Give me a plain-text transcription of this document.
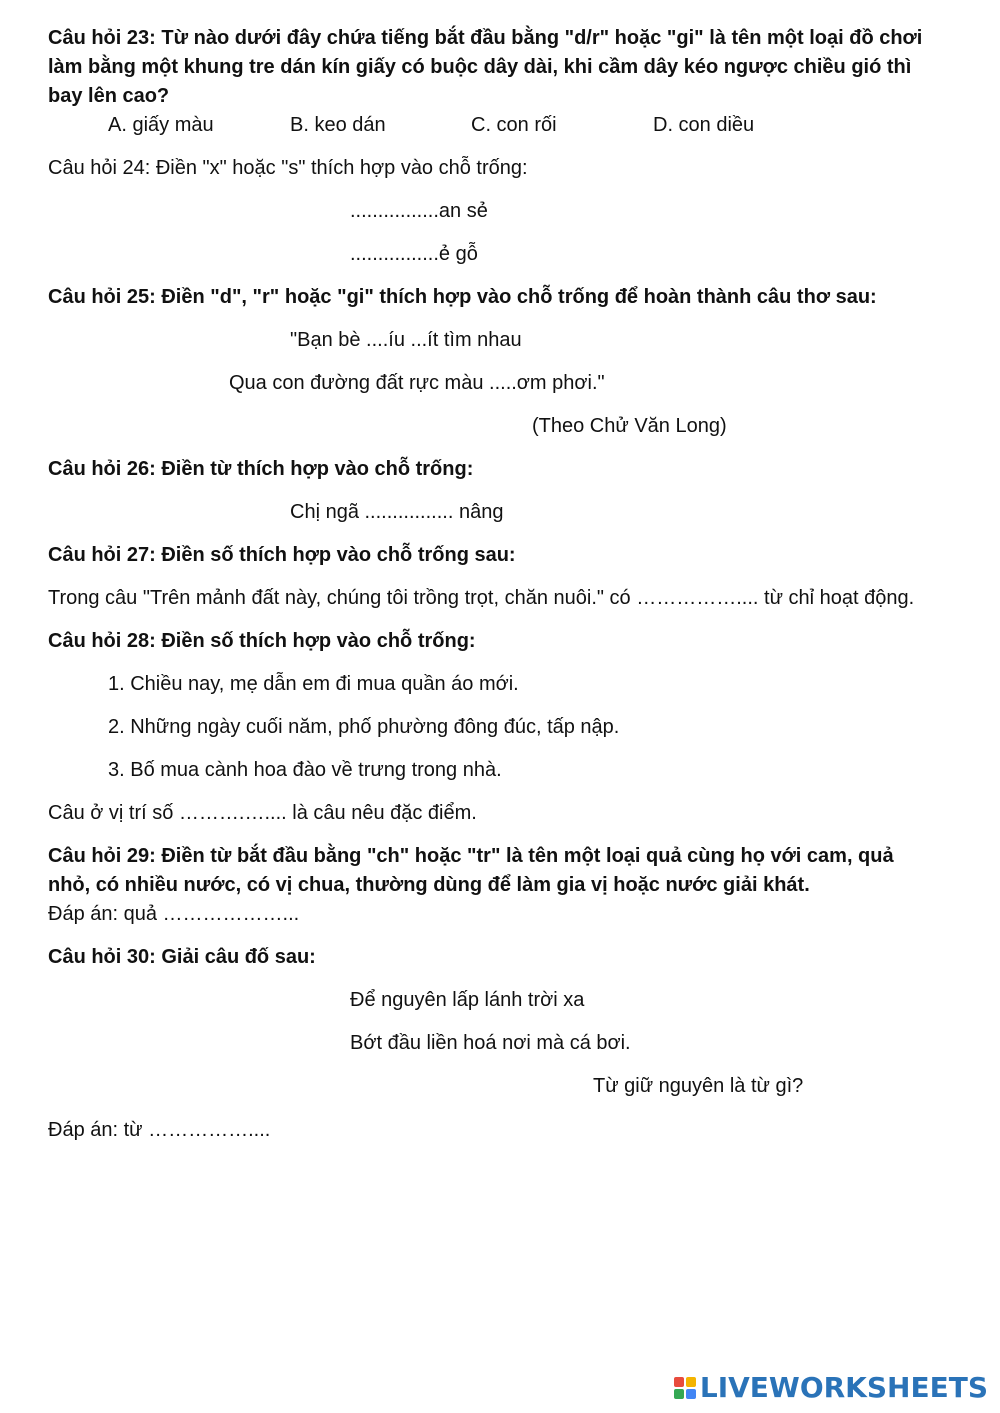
Câu hỏi 23: Từ nào dưới đây chứa tiếng bắt đầu bằng "d/r" hoặc "gi" là tên một loại đồ chơi

làm bằng một khung tre dán kín giấy có buộc dây dài, khi cầm dây kéo ngược chiều gió thì

bay lên cao?

A. giấy màu	B. keo dán	C. con rối	D. con diều

Câu hỏi 24: Điền "x" hoặc "s" thích hợp vào chỗ trống:

................an sẻ

................ẻ gỗ

Câu hỏi 25: Điền "d", "r" hoặc "gi" thích hợp vào chỗ trống để hoàn thành câu thơ sau:

"Bạn bè ....íu ...ít tìm nhau

Qua con đường đất rực màu .....ơm phơi."

(Theo Chử Văn Long)

Câu hỏi 26: Điền từ thích hợp vào chỗ trống:

Chị ngã ................ nâng

Câu hỏi 27: Điền số thích hợp vào chỗ trống sau:

Trong câu "Trên mảnh đất này, chúng tôi trồng trọt, chăn nuôi." có …………….... từ chỉ hoạt động.

Câu hỏi 28: Điền số thích hợp vào chỗ trống:

1. Chiều nay, mẹ dẫn em đi mua quần áo mới.

2. Những ngày cuối năm, phố phường đông đúc, tấp nập.

3. Bố mua cành hoa đào về trưng trong nhà.

Câu ở vị trí số ……….….... là câu nêu đặc điểm.

Câu hỏi 29: Điền từ bắt đầu bằng "ch" hoặc "tr" là tên một loại quả cùng họ với cam, quả

nhỏ, có nhiều nước, có vị chua, thường dùng để làm gia vị hoặc nước giải khát.

Đáp án: quả ………………...

Câu hỏi 30: Giải câu đố sau:

Để nguyên lấp lánh trời xa

Bớt đầu liền hoá nơi mà cá bơi.

Từ giữ nguyên là từ gì?

Đáp án: từ ……………....

LIVEWORKSHEETS
